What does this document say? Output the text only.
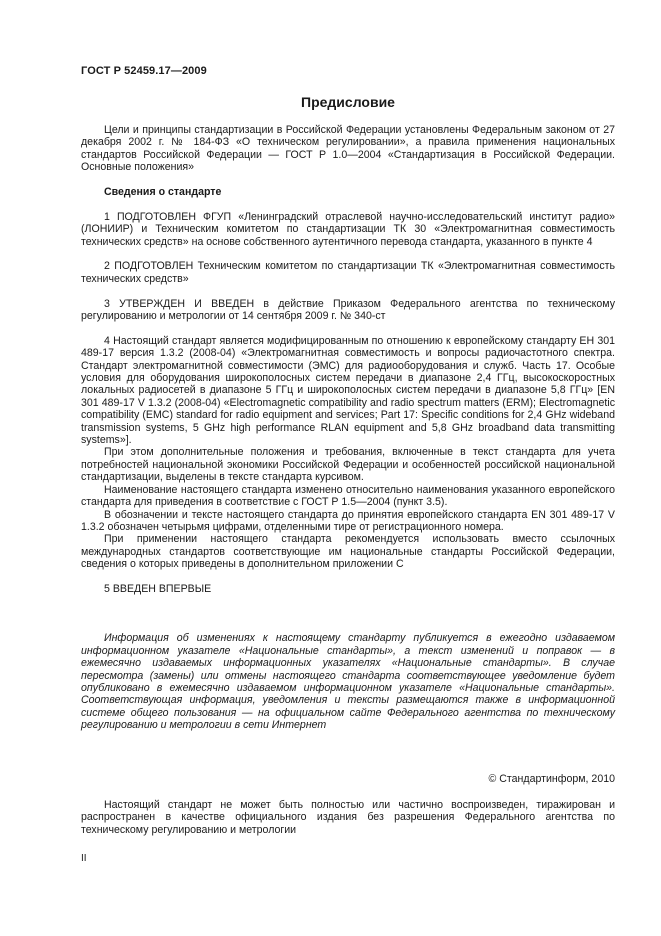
ГОСТ Р 52459.17—2009
Предисловие

Цели и принципы стандартизации в Российской Федерации установлены Федеральным законом от 27 декабря 2002 г. № 184-ФЗ «О техническом регулировании», а правила применения национальных стандартов Российской Федерации — ГОСТ Р 1.0—2004 «Стандартизация в Российской Федерации. Основные положения»

Сведения о стандарте

1 ПОДГОТОВЛЕН ФГУП «Ленинградский отраслевой научно-исследовательский институт радио» (ЛОНИИР) и Техническим комитетом по стандартизации ТК 30 «Электромагнитная совместимость технических средств» на основе собственного аутентичного перевода стандарта, указанного в пункте 4

2 ПОДГОТОВЛЕН Техническим комитетом по стандартизации ТК «Электромагнитная совместимость технических средств»

3 УТВЕРЖДЕН И ВВЕДЕН в действие Приказом Федерального агентства по техническому регулированию и метрологии от 14 сентября 2009 г. № 340-ст

4 Настоящий стандарт является модифицированным по отношению к европейскому стандарту ЕН 301 489-17 версия 1.3.2 (2008-04) «Электромагнитная совместимость и вопросы радиочастотного спектра. Стандарт электромагнитной совместимости (ЭМС) для радиооборудования и служб. Часть 17. Особые условия для оборудования широкополосных систем передачи в диапазоне 2,4 ГГц, высокоскоростных локальных радиосетей в диапазоне 5 ГГц и широкополосных систем передачи в диапазоне 5,8 ГГц» [EN 301 489-17 V 1.3.2 (2008-04) «Electromagnetic compatibility and radio spectrum matters (ERM); Electromagnetic compatibility (EMC) standard for radio equipment and services; Part 17: Specific conditions for 2,4 GHz wideband transmission systems, 5 GHz high performance RLAN equipment and 5,8 GHz broadband data transmitting systems»].

При этом дополнительные положения и требования, включенные в текст стандарта для учета потребностей национальной экономики Российской Федерации и особенностей российской национальной стандартизации, выделены в тексте стандарта курсивом.

Наименование настоящего стандарта изменено относительно наименования указанного европейского стандарта для приведения в соответствие с ГОСТ Р 1.5—2004 (пункт 3.5).

В обозначении и тексте настоящего стандарта до принятия европейского стандарта EN 301 489-17 V 1.3.2 обозначен четырьмя цифрами, отделенными тире от регистрационного номера.

При применении настоящего стандарта рекомендуется использовать вместо ссылочных международных стандартов соответствующие им национальные стандарты Российской Федерации, сведения о которых приведены в дополнительном приложении С

5 ВВЕДЕН ВПЕРВЫЕ

Информация об изменениях к настоящему стандарту публикуется в ежегодно издаваемом информационном указателе «Национальные стандарты», а текст изменений и поправок — в ежемесячно издаваемых информационных указателях «Национальные стандарты». В случае пересмотра (замены) или отмены настоящего стандарта соответствующее уведомление будет опубликовано в ежемесячно издаваемом информационном указателе «Национальные стандарты». Соответствующая информация, уведомления и тексты размещаются также в информационной системе общего пользования — на официальном сайте Федерального агентства по техническому регулированию и метрологии в сети Интернет

© Стандартинформ, 2010

Настоящий стандарт не может быть полностью или частично воспроизведен, тиражирован и распространен в качестве официального издания без разрешения Федерального агентства по техническому регулированию и метрологии

II
